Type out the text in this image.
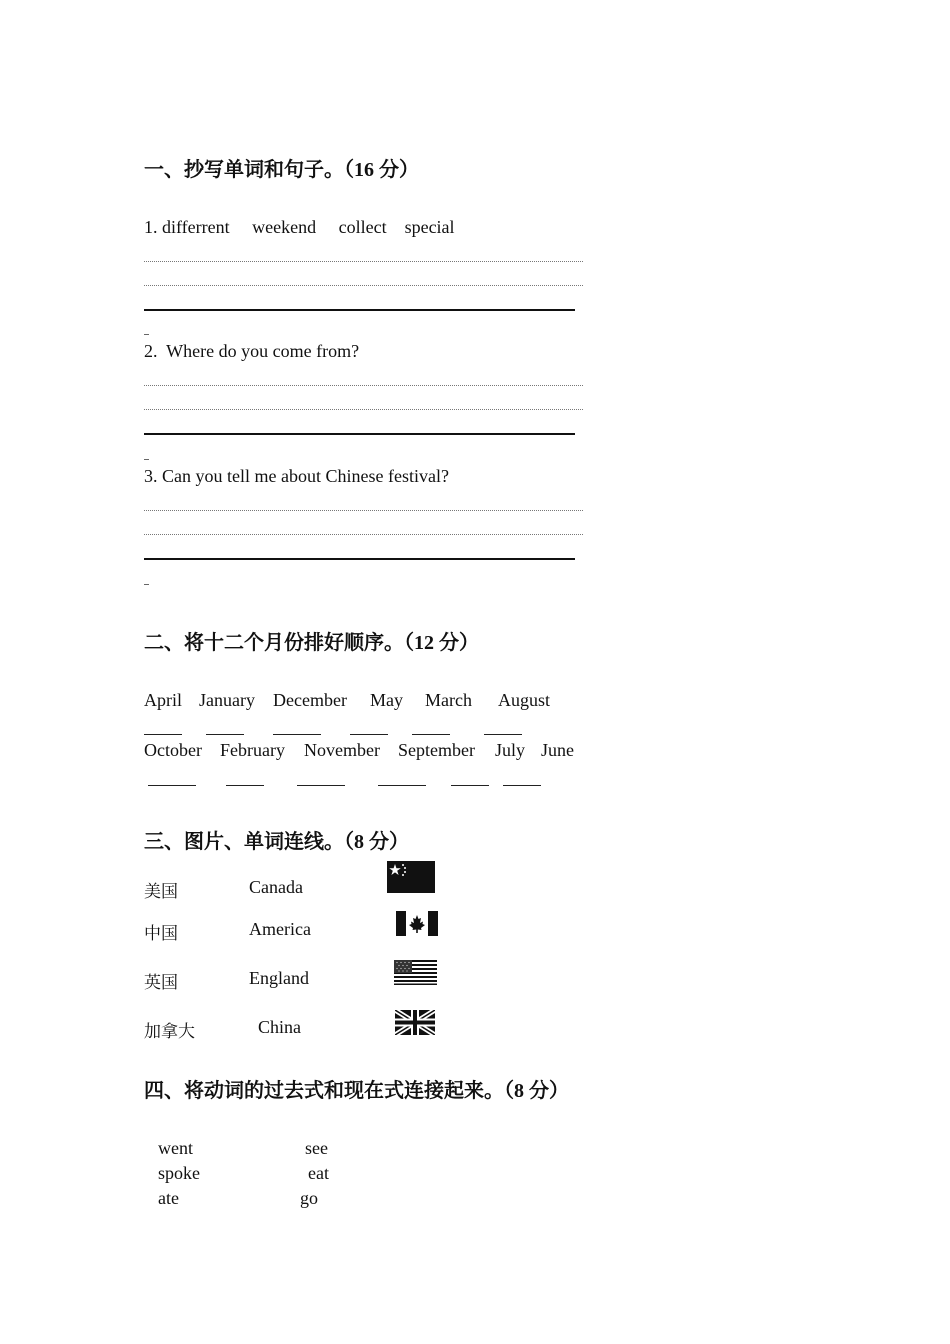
一、抄写单词和句子。（16 分）
1. differrent     weekend     collect    special
2.  Where do you come from?
3. Can you tell me about Chinese festival?
二、将十二个月份排好顺序。（12 分）
April January December May March August
October February November September July June
三、图片、单词连线。（8 分）
美国
中国
英国
加拿大
Canada
America
England
China
四、将动词的过去式和现在式连接起来。（8 分）
went
spoke
ate
see
eat
go
